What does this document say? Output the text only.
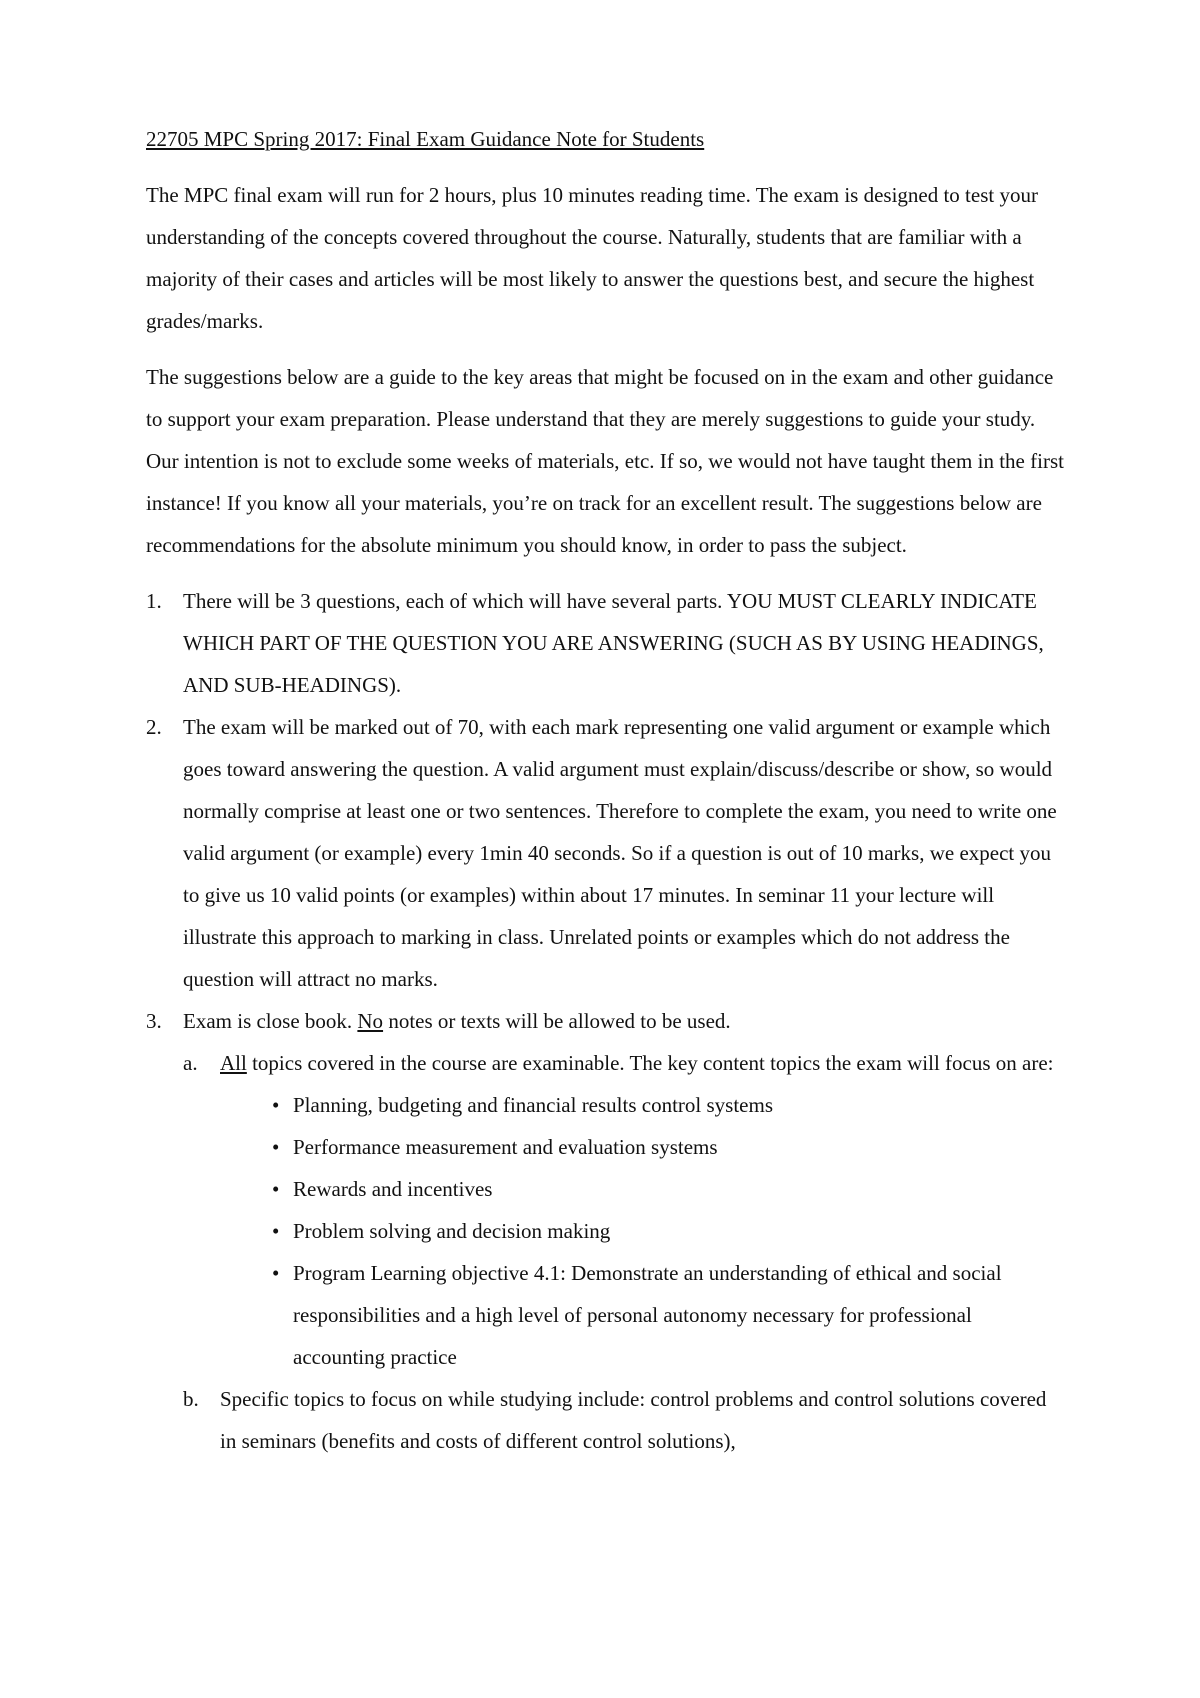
22705 MPC Spring 2017: Final Exam Guidance Note for Students

The MPC final exam will run for 2 hours, plus 10 minutes reading time. The exam is designed to test your understanding of the concepts covered throughout the course. Naturally, students that are familiar with a majority of their cases and articles will be most likely to answer the questions best, and secure the highest grades/marks.

The suggestions below are a guide to the key areas that might be focused on in the exam and other guidance to support your exam preparation. Please understand that they are merely suggestions to guide your study. Our intention is not to exclude some weeks of materials, etc. If so, we would not have taught them in the first instance! If you know all your materials, you’re on track for an excellent result. The suggestions below are recommendations for the absolute minimum you should know, in order to pass the subject.

1. There will be 3 questions, each of which will have several parts. YOU MUST CLEARLY INDICATE WHICH PART OF THE QUESTION YOU ARE ANSWERING (SUCH AS BY USING HEADINGS, AND SUB-HEADINGS).
2. The exam will be marked out of 70, with each mark representing one valid argument or example which goes toward answering the question. A valid argument must explain/discuss/describe or show, so would normally comprise at least one or two sentences. Therefore to complete the exam, you need to write one valid argument (or example) every 1min 40 seconds. So if a question is out of 10 marks, we expect you to give us 10 valid points (or examples) within about 17 minutes. In seminar 11 your lecture will illustrate this approach to marking in class. Unrelated points or examples which do not address the question will attract no marks.
3. Exam is close book. No notes or texts will be allowed to be used.
a. All topics covered in the course are examinable. The key content topics the exam will focus on are:
• Planning, budgeting and financial results control systems
• Performance measurement and evaluation systems
• Rewards and incentives
• Problem solving and decision making
• Program Learning objective 4.1: Demonstrate an understanding of ethical and social responsibilities and a high level of personal autonomy necessary for professional accounting practice
b. Specific topics to focus on while studying include: control problems and control solutions covered in seminars (benefits and costs of different control solutions),
